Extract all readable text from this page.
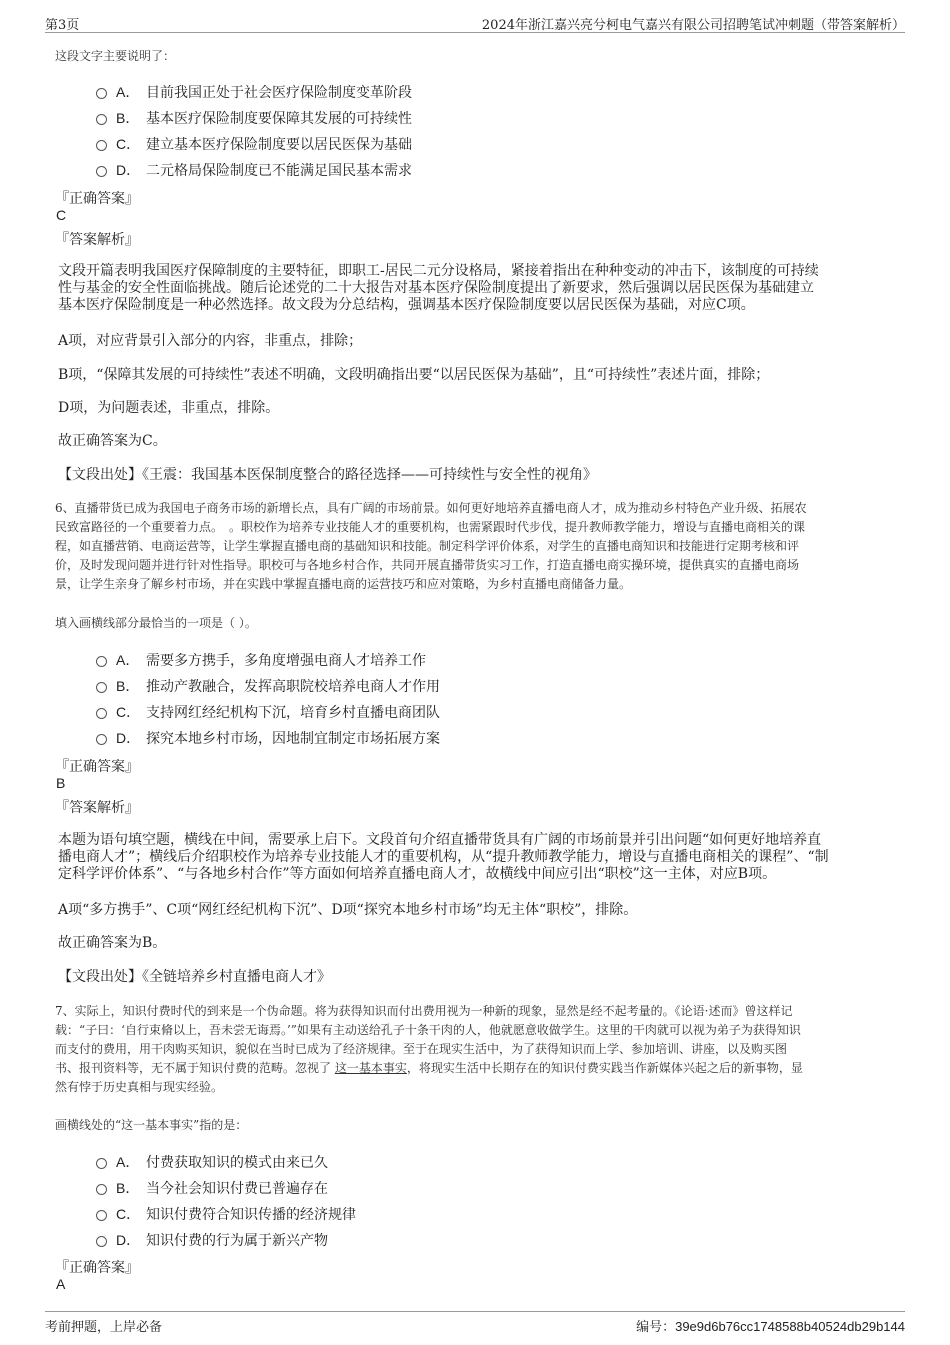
第3页	2024年浙江嘉兴亮兮柯电气嘉兴有限公司招聘笔试冲刺题（带答案解析）
这段文字主要说明了：
A． 目前我国正处于社会医疗保险制度变革阶段
B． 基本医疗保险制度要保障其发展的可持续性
C． 建立基本医疗保险制度要以居民医保为基础
D． 二元格局保险制度已不能满足国民基本需求
『正确答案』
C
『答案解析』
文段开篇表明我国医疗保障制度的主要特征，即职工-居民二元分设格局，紧接着指出在种种变动的冲击下，该制度的可持续
性与基金的安全性面临挑战。随后论述党的二十大报告对基本医疗保险制度提出了新要求，然后强调以居民医保为基础建立
基本医疗保险制度是一种必然选择。故文段为分总结构，强调基本医疗保险制度要以居民医保为基础，对应C项。
A项，对应背景引入部分的内容，非重点，排除；
B项，“保障其发展的可持续性”表述不明确，文段明确指出要“以居民医保为基础”，且“可持续性”表述片面，排除；
D项，为问题表述，非重点，排除。
故正确答案为C。
【文段出处】《王震：我国基本医保制度整合的路径选择——可持续性与安全性的视角》
6、直播带货已成为我国电子商务市场的新增长点，具有广阔的市场前景。如何更好地培养直播电商人才，成为推动乡村特色产业升级、拓展农
民致富路径的一个重要着力点。　。职校作为培养专业技能人才的重要机构，也需紧跟时代步伐，提升教师教学能力，增设与直播电商相关的课
程，如直播营销、电商运营等，让学生掌握直播电商的基础知识和技能。制定科学评价体系，对学生的直播电商知识和技能进行定期考核和评
价，及时发现问题并进行针对性指导。职校可与各地乡村合作，共同开展直播带货实习工作，打造直播电商实操环境，提供真实的直播电商场
景，让学生亲身了解乡村市场，并在实践中掌握直播电商的运营技巧和应对策略，为乡村直播电商储备力量。
填入画横线部分最恰当的一项是（ ）。
A． 需要多方携手，多角度增强电商人才培养工作
B． 推动产教融合，发挥高职院校培养电商人才作用
C． 支持网红经纪机构下沉，培育乡村直播电商团队
D． 探究本地乡村市场，因地制宜制定市场拓展方案
『正确答案』
B
『答案解析』
本题为语句填空题，横线在中间，需要承上启下。文段首句介绍直播带货具有广阔的市场前景并引出问题“如何更好地培养直
播电商人才”；横线后介绍职校作为培养专业技能人才的重要机构，从“提升教师教学能力，增设与直播电商相关的课程”、“制
定科学评价体系”、“与各地乡村合作”等方面如何培养直播电商人才，故横线中间应引出“职校”这一主体，对应B项。
A项“多方携手”、C项“网红经纪机构下沉”、D项“探究本地乡村市场”均无主体“职校”，排除。
故正确答案为B。
【文段出处】《全链培养乡村直播电商人才》
7、实际上，知识付费时代的到来是一个伪命题。将为获得知识而付出费用视为一种新的现象，显然是经不起考量的。《论语·述而》曾这样记
载：“子曰：‘自行束脩以上，吾未尝无诲焉。’”如果有主动送给孔子十条干肉的人，他就愿意收做学生。这里的干肉就可以视为弟子为获得知识
而支付的费用，用干肉购买知识，貌似在当时已成为了经济规律。至于在现实生活中，为了获得知识而上学、参加培训、讲座，以及购买图
书、报刊资料等，无不属于知识付费的范畴。忽视了 这一基本事实，将现实生活中长期存在的知识付费实践当作新媒体兴起之后的新事物，显
然有悖于历史真相与现实经验。
画横线处的“这一基本事实”指的是：
A． 付费获取知识的模式由来已久
B． 当今社会知识付费已普遍存在
C． 知识付费符合知识传播的经济规律
D． 知识付费的行为属于新兴产物
『正确答案』
A
考前押题，上岸必备	编号：39e9d6b76cc1748588b40524db29b144
